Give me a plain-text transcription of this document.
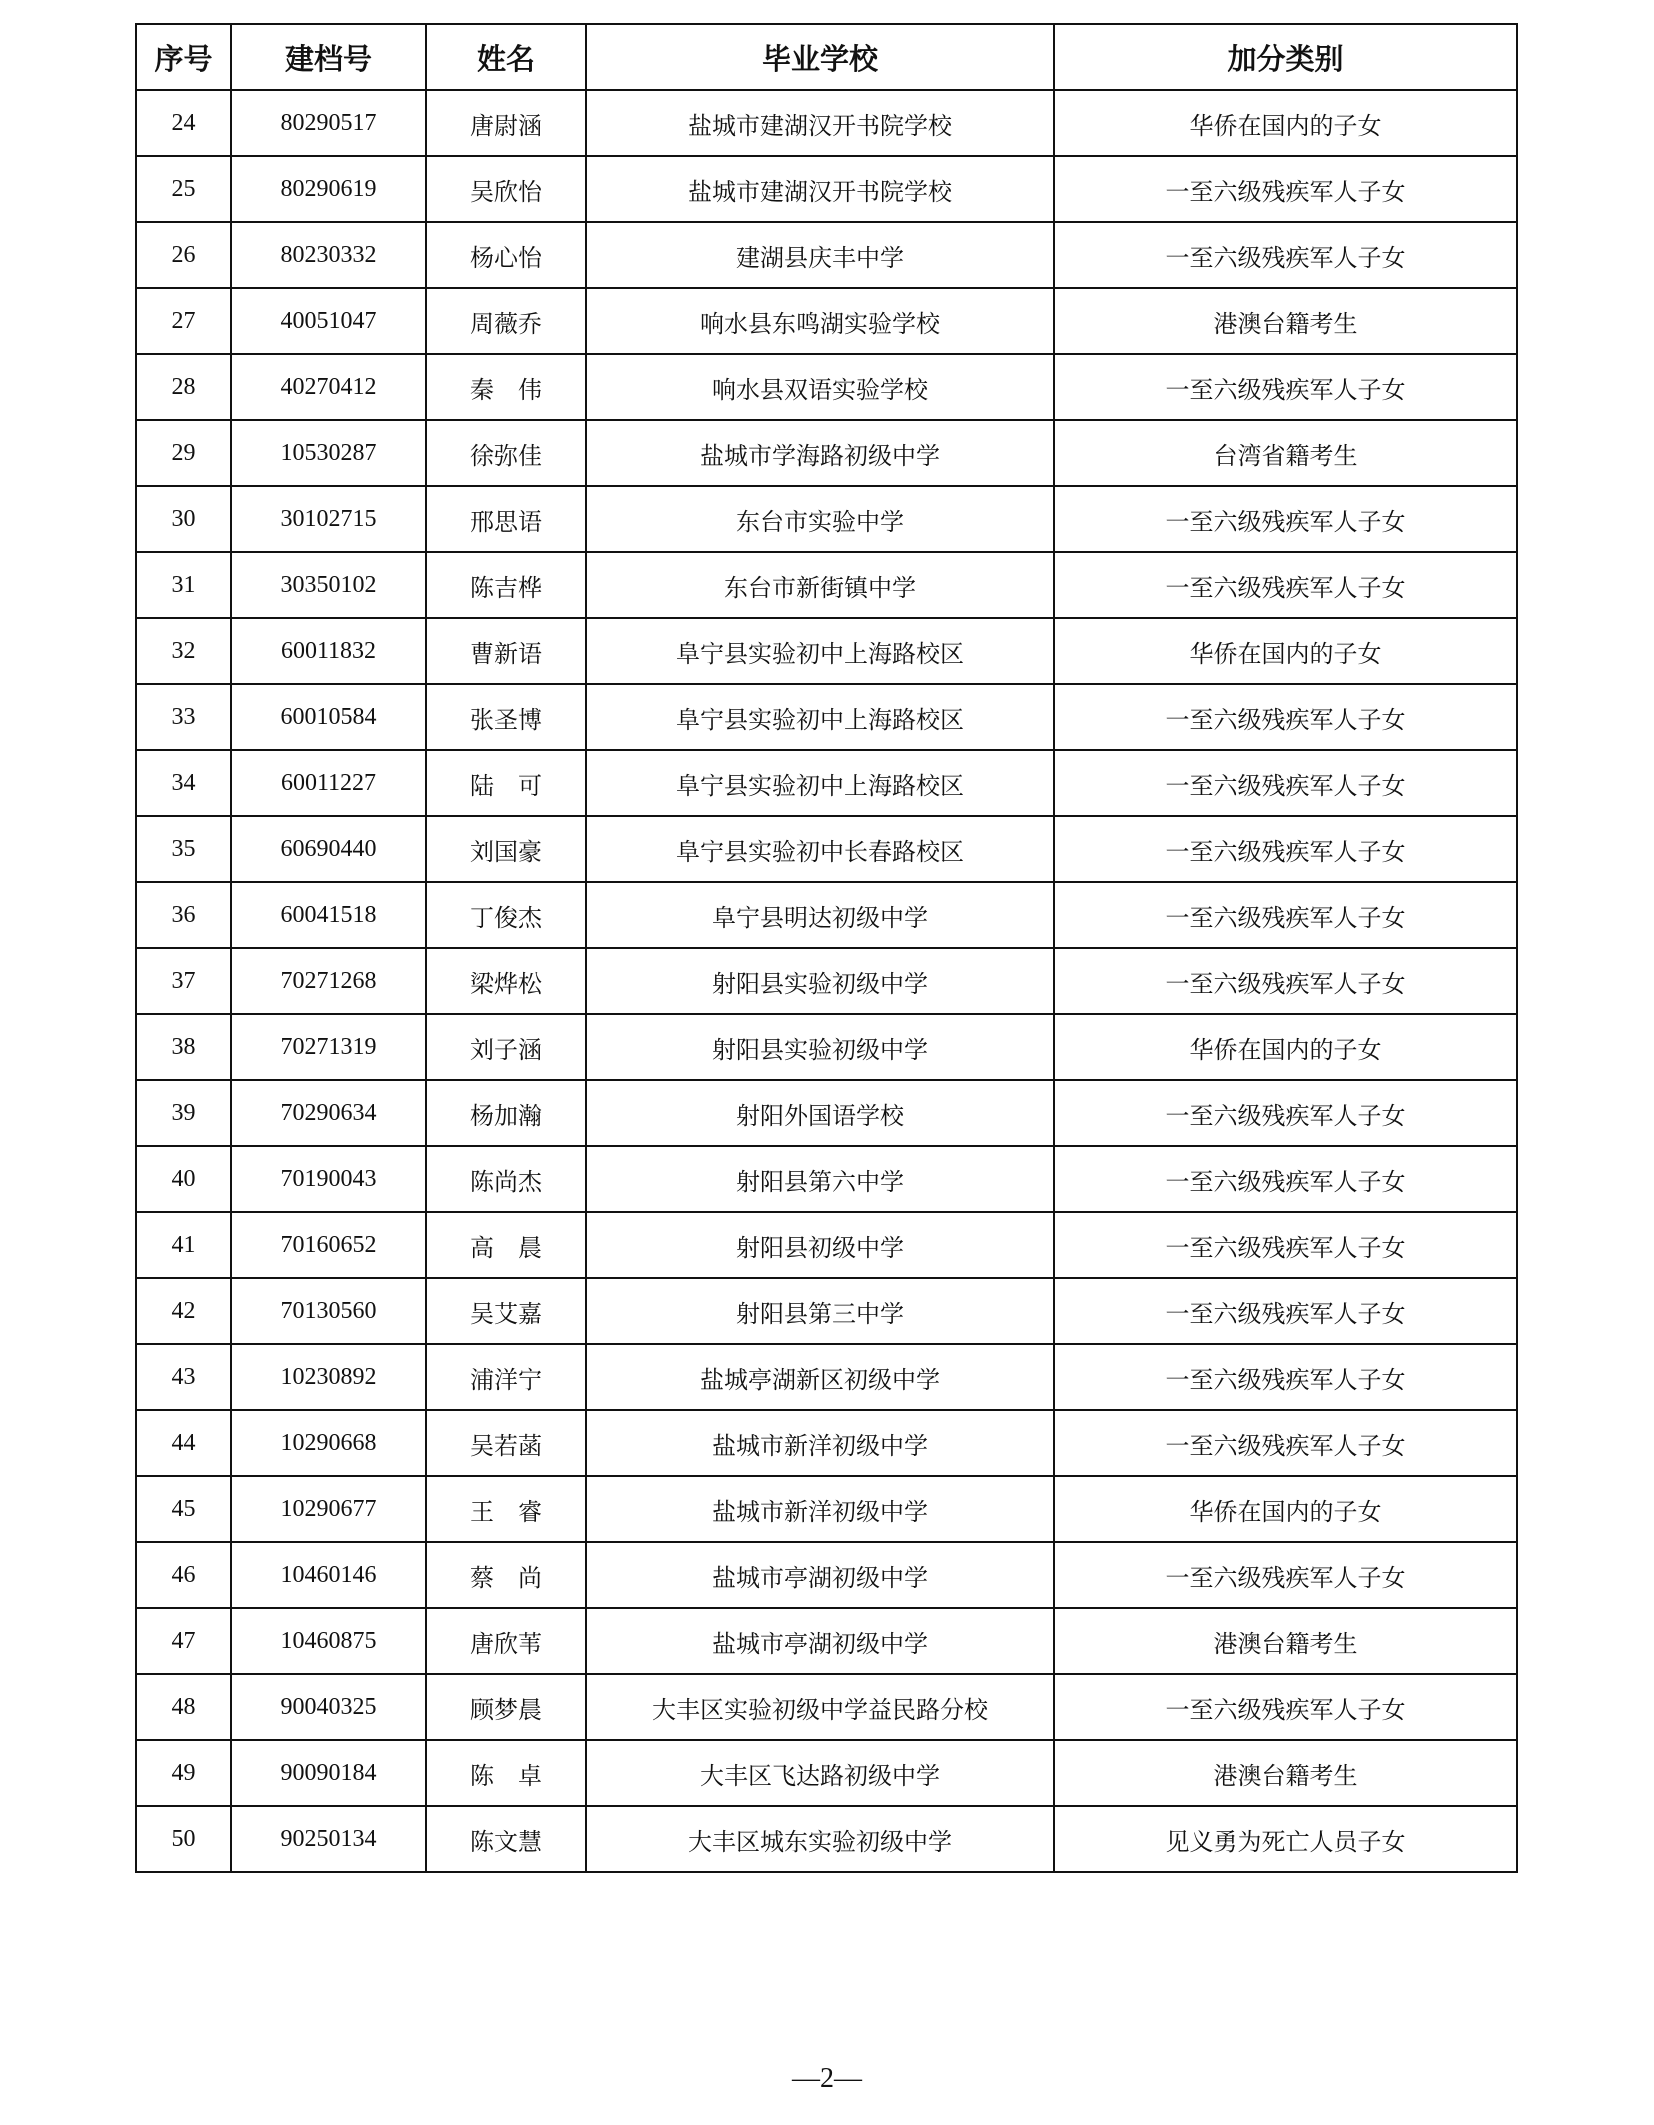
序号	建档号	姓名	毕业学校	加分类别
24	80290517	唐尉涵	盐城市建湖汉开书院学校	华侨在国内的子女
25	80290619	吴欣怡	盐城市建湖汉开书院学校	一至六级残疾军人子女
26	80230332	杨心怡	建湖县庆丰中学	一至六级残疾军人子女
27	40051047	周薇乔	响水县东鸣湖实验学校	港澳台籍考生
28	40270412	秦　伟	响水县双语实验学校	一至六级残疾军人子女
29	10530287	徐弥佳	盐城市学海路初级中学	台湾省籍考生
30	30102715	邢思语	东台市实验中学	一至六级残疾军人子女
31	30350102	陈吉桦	东台市新街镇中学	一至六级残疾军人子女
32	60011832	曹新语	阜宁县实验初中上海路校区	华侨在国内的子女
33	60010584	张圣博	阜宁县实验初中上海路校区	一至六级残疾军人子女
34	60011227	陆　可	阜宁县实验初中上海路校区	一至六级残疾军人子女
35	60690440	刘国豪	阜宁县实验初中长春路校区	一至六级残疾军人子女
36	60041518	丁俊杰	阜宁县明达初级中学	一至六级残疾军人子女
37	70271268	梁烨松	射阳县实验初级中学	一至六级残疾军人子女
38	70271319	刘子涵	射阳县实验初级中学	华侨在国内的子女
39	70290634	杨加瀚	射阳外国语学校	一至六级残疾军人子女
40	70190043	陈尚杰	射阳县第六中学	一至六级残疾军人子女
41	70160652	高　晨	射阳县初级中学	一至六级残疾军人子女
42	70130560	吴艾嘉	射阳县第三中学	一至六级残疾军人子女
43	10230892	浦洋宁	盐城亭湖新区初级中学	一至六级残疾军人子女
44	10290668	吴若菡	盐城市新洋初级中学	一至六级残疾军人子女
45	10290677	王　睿	盐城市新洋初级中学	华侨在国内的子女
46	10460146	蔡　尚	盐城市亭湖初级中学	一至六级残疾军人子女
47	10460875	唐欣苇	盐城市亭湖初级中学	港澳台籍考生
48	90040325	顾梦晨	大丰区实验初级中学益民路分校	一至六级残疾军人子女
49	90090184	陈　卓	大丰区飞达路初级中学	港澳台籍考生
50	90250134	陈文慧	大丰区城东实验初级中学	见义勇为死亡人员子女
—2—
